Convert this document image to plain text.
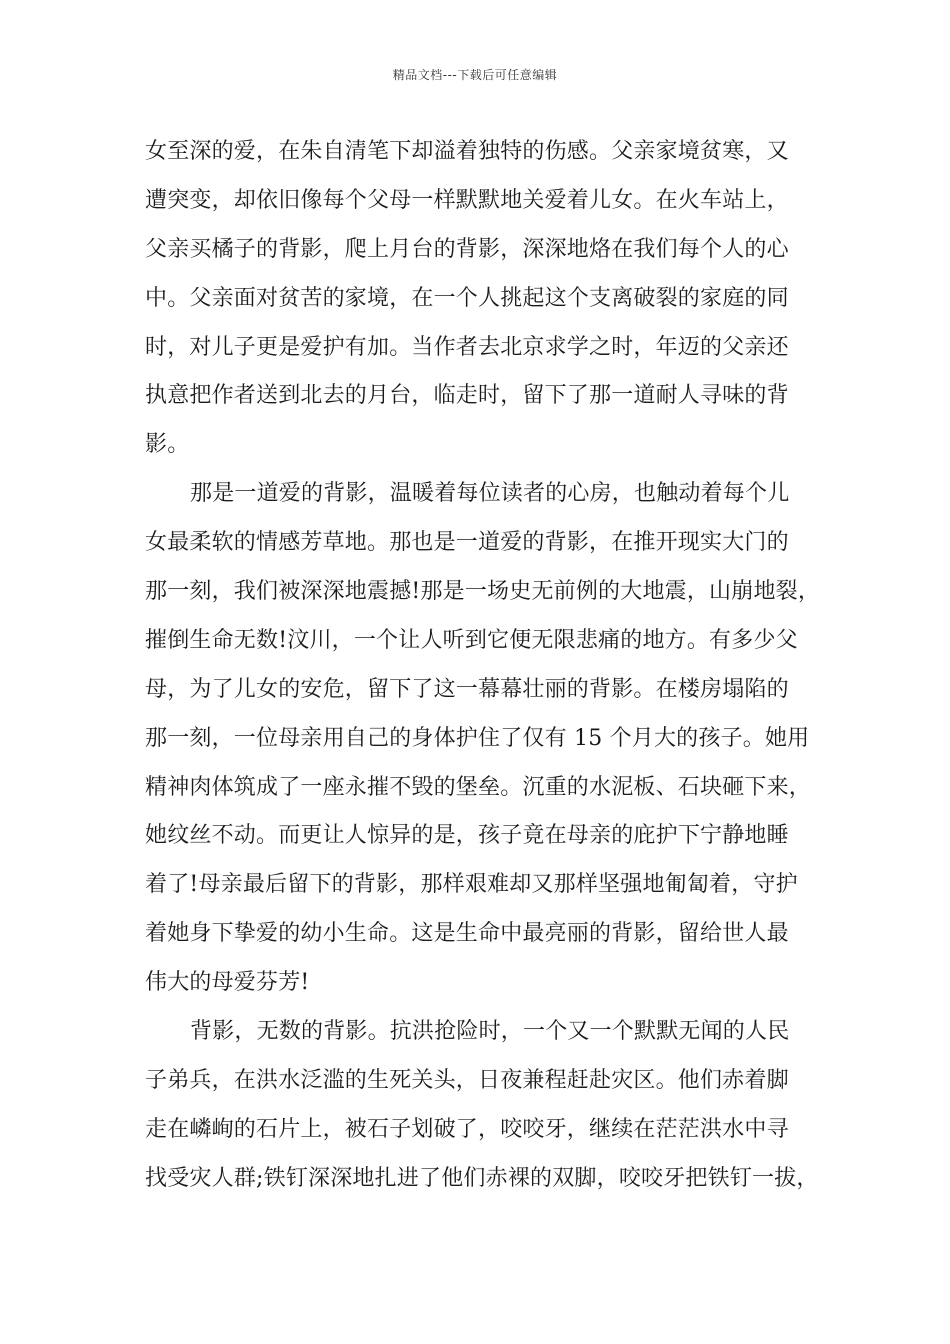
精品文档---下载后可任意编辑
女至深的爱，在朱自清笔下却溢着独特的伤感。父亲家境贫寒，又
遭突变，却依旧像每个父母一样默默地关爱着儿女。在火车站上，
父亲买橘子的背影，爬上月台的背影，深深地烙在我们每个人的心
中。父亲面对贫苦的家境，在一个人挑起这个支离破裂的家庭的同
时，对儿子更是爱护有加。当作者去北京求学之时，年迈的父亲还
执意把作者送到北去的月台，临走时，留下了那一道耐人寻味的背
影。
那是一道爱的背影，温暖着每位读者的心房，也触动着每个儿
女最柔软的情感芳草地。那也是一道爱的背影，在推开现实大门的
那一刻，我们被深深地震撼!那是一场史无前例的大地震，山崩地裂，
摧倒生命无数!汶川，一个让人听到它便无限悲痛的地方。有多少父
母，为了儿女的安危，留下了这一幕幕壮丽的背影。在楼房塌陷的
那一刻，一位母亲用自己的身体护住了仅有 15 个月大的孩子。她用
精神肉体筑成了一座永摧不毁的堡垒。沉重的水泥板、石块砸下来，
她纹丝不动。而更让人惊异的是，孩子竟在母亲的庇护下宁静地睡
着了!母亲最后留下的背影，那样艰难却又那样坚强地匍匐着，守护
着她身下挚爱的幼小生命。这是生命中最亮丽的背影，留给世人最
伟大的母爱芬芳!
背影，无数的背影。抗洪抢险时，一个又一个默默无闻的人民
子弟兵，在洪水泛滥的生死关头，日夜兼程赶赴灾区。他们赤着脚
走在嶙峋的石片上，被石子划破了，咬咬牙，继续在茫茫洪水中寻
找受灾人群;铁钉深深地扎进了他们赤裸的双脚，咬咬牙把铁钉一拔，
